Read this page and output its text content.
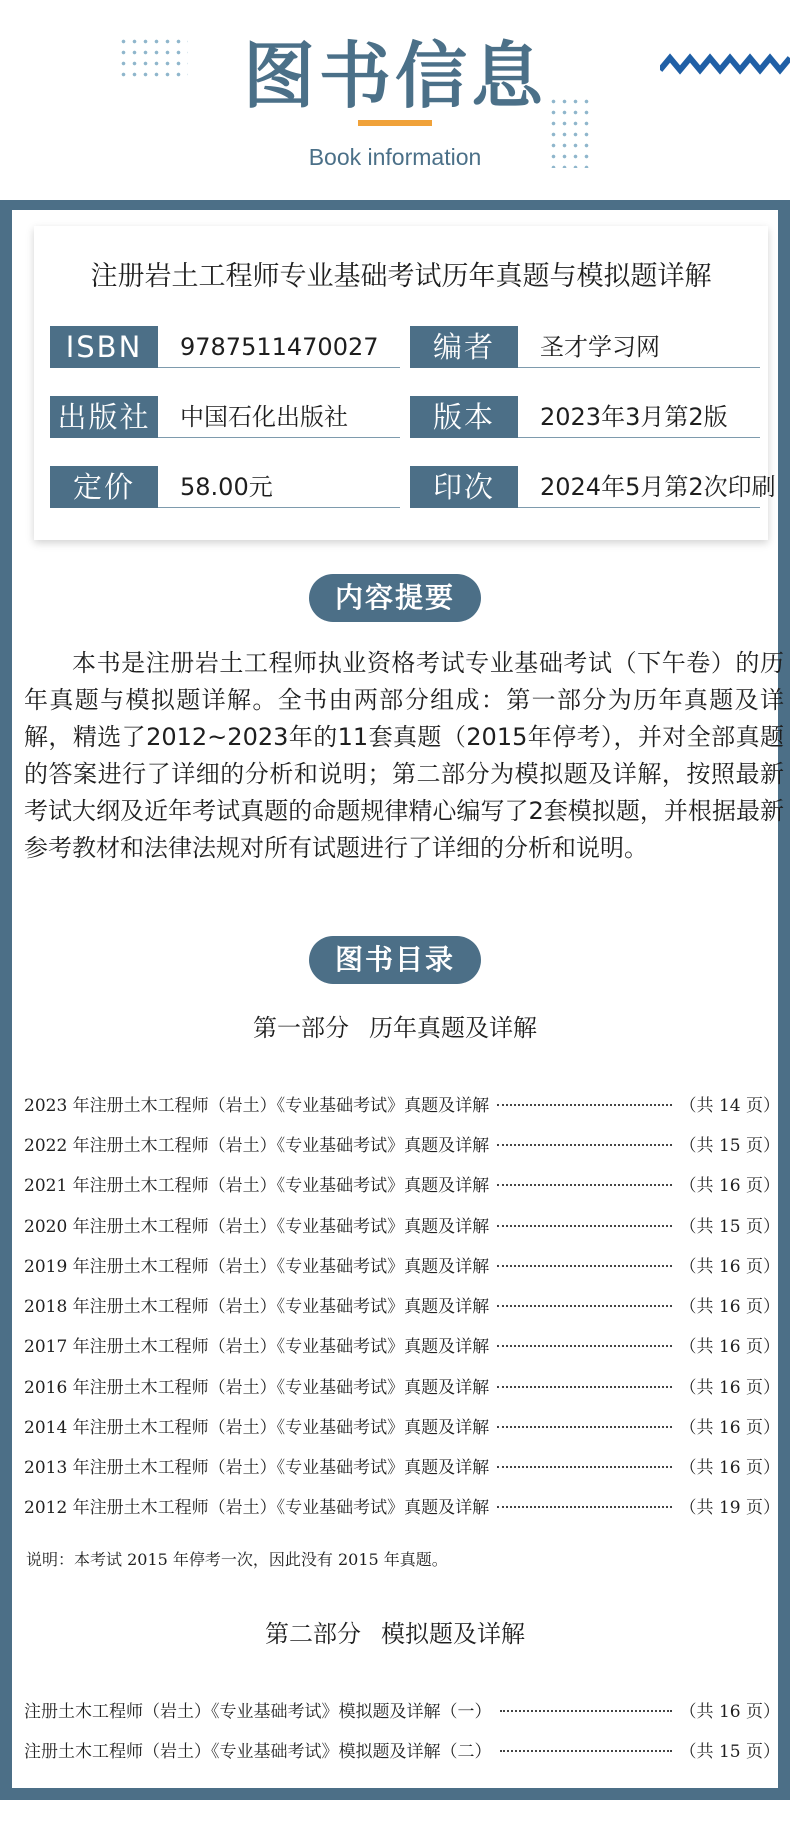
图书信息
Book information
注册岩土工程师专业基础考试历年真题与模拟题详解
ISBN	9787511470027	编者	圣才学习网
出版社	中国石化出版社	版本	2023年3月第2版
定价	58.00元	印次	2024年5月第2次印刷
内容提要
本书是注册岩土工程师执业资格考试专业基础考试（下午卷）的历年真题与模拟题详解。全书由两部分组成：第一部分为历年真题及详解，精选了2012~2023年的11套真题（2015年停考），并对全部真题的答案进行了详细的分析和说明；第二部分为模拟题及详解，按照最新考试大纲及近年考试真题的命题规律精心编写了2套模拟题，并根据最新参考教材和法律法规对所有试题进行了详细的分析和说明。
图书目录
第一部分 历年真题及详解
2023 年注册土木工程师（岩土）《专业基础考试》真题及详解	（共 14 页）
2022 年注册土木工程师（岩土）《专业基础考试》真题及详解	（共 15 页）
2021 年注册土木工程师（岩土）《专业基础考试》真题及详解	（共 16 页）
2020 年注册土木工程师（岩土）《专业基础考试》真题及详解	（共 15 页）
2019 年注册土木工程师（岩土）《专业基础考试》真题及详解	（共 16 页）
2018 年注册土木工程师（岩土）《专业基础考试》真题及详解	（共 16 页）
2017 年注册土木工程师（岩土）《专业基础考试》真题及详解	（共 16 页）
2016 年注册土木工程师（岩土）《专业基础考试》真题及详解	（共 16 页）
2014 年注册土木工程师（岩土）《专业基础考试》真题及详解	（共 16 页）
2013 年注册土木工程师（岩土）《专业基础考试》真题及详解	（共 16 页）
2012 年注册土木工程师（岩土）《专业基础考试》真题及详解	（共 19 页）
说明：本考试 2015 年停考一次，因此没有 2015 年真题。
第二部分 模拟题及详解
注册土木工程师（岩土）《专业基础考试》模拟题及详解（一）	（共 16 页）
注册土木工程师（岩土）《专业基础考试》模拟题及详解（二）	（共 15 页）
